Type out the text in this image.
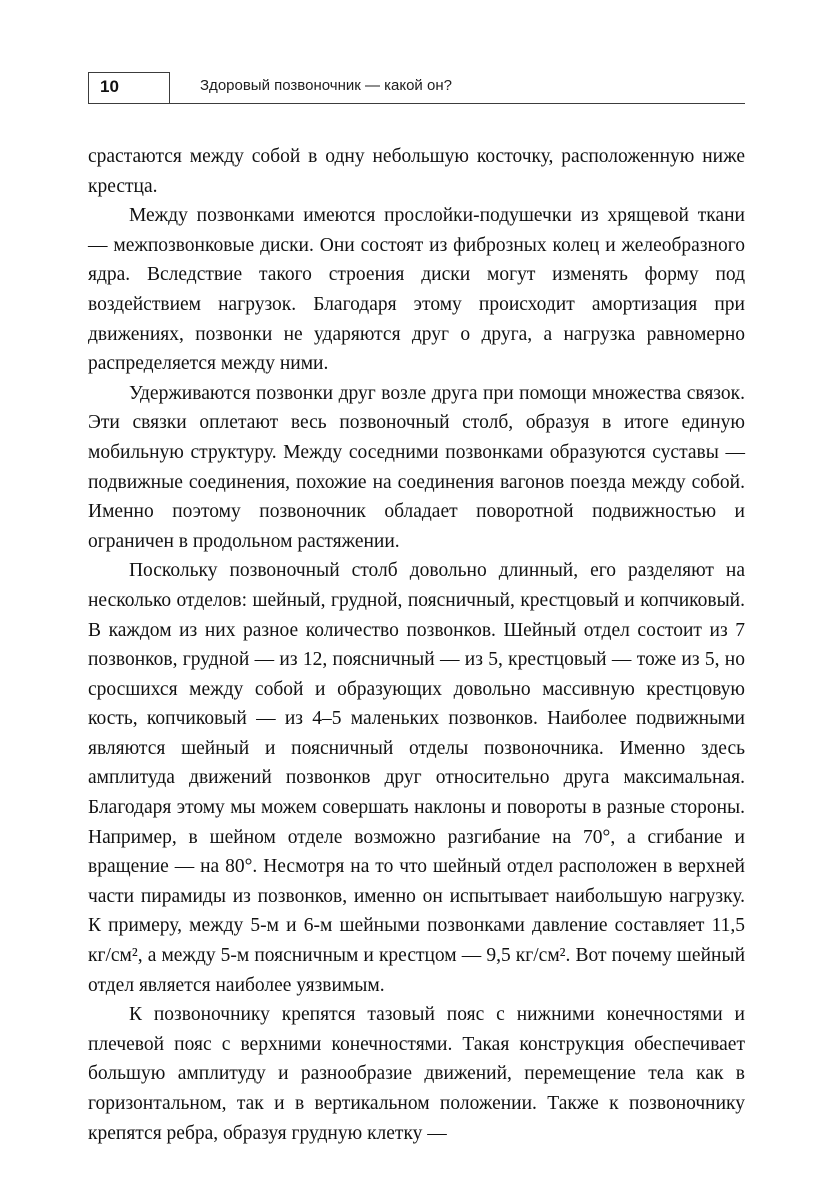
10	Здоровый позвоночник — какой он?

срастаются между собой в одну небольшую косточку, расположенную ниже крестца.

Между позвонками имеются прослойки-подушечки из хрящевой ткани — межпозвонковые диски. Они состоят из фиброзных колец и желеобразного ядра. Вследствие такого строения диски могут изменять форму под воздействием нагрузок. Благодаря этому происходит амортизация при движениях, позвонки не ударяются друг о друга, а нагрузка равномерно распределяется между ними.

Удерживаются позвонки друг возле друга при помощи множества связок. Эти связки оплетают весь позвоночный столб, образуя в итоге единую мобильную структуру. Между соседними позвонками образуются суставы — подвижные соединения, похожие на соединения вагонов поезда между собой. Именно поэтому позвоночник обладает поворотной подвижностью и ограничен в продольном растяжении.

Поскольку позвоночный столб довольно длинный, его разделяют на несколько отделов: шейный, грудной, поясничный, крестцовый и копчиковый. В каждом из них разное количество позвонков. Шейный отдел состоит из 7 позвонков, грудной — из 12, поясничный — из 5, крестцовый — тоже из 5, но сросшихся между собой и образующих довольно массивную крестцовую кость, копчиковый — из 4–5 маленьких позвонков. Наиболее подвижными являются шейный и поясничный отделы позвоночника. Именно здесь амплитуда движений позвонков друг относительно друга максимальная. Благодаря этому мы можем совершать наклоны и повороты в разные стороны. Например, в шейном отделе возможно разгибание на 70°, а сгибание и вращение — на 80°. Несмотря на то что шейный отдел расположен в верхней части пирамиды из позвонков, именно он испытывает наибольшую нагрузку. К примеру, между 5-м и 6-м шейными позвонками давление составляет 11,5 кг/см², а между 5-м поясничным и крестцом — 9,5 кг/см². Вот почему шейный отдел является наиболее уязвимым.

К позвоночнику крепятся тазовый пояс с нижними конечностями и плечевой пояс с верхними конечностями. Такая конструкция обеспечивает большую амплитуду и разнообразие движений, перемещение тела как в горизонтальном, так и в вертикальном положении. Также к позвоночнику крепятся ребра, образуя грудную клетку —
